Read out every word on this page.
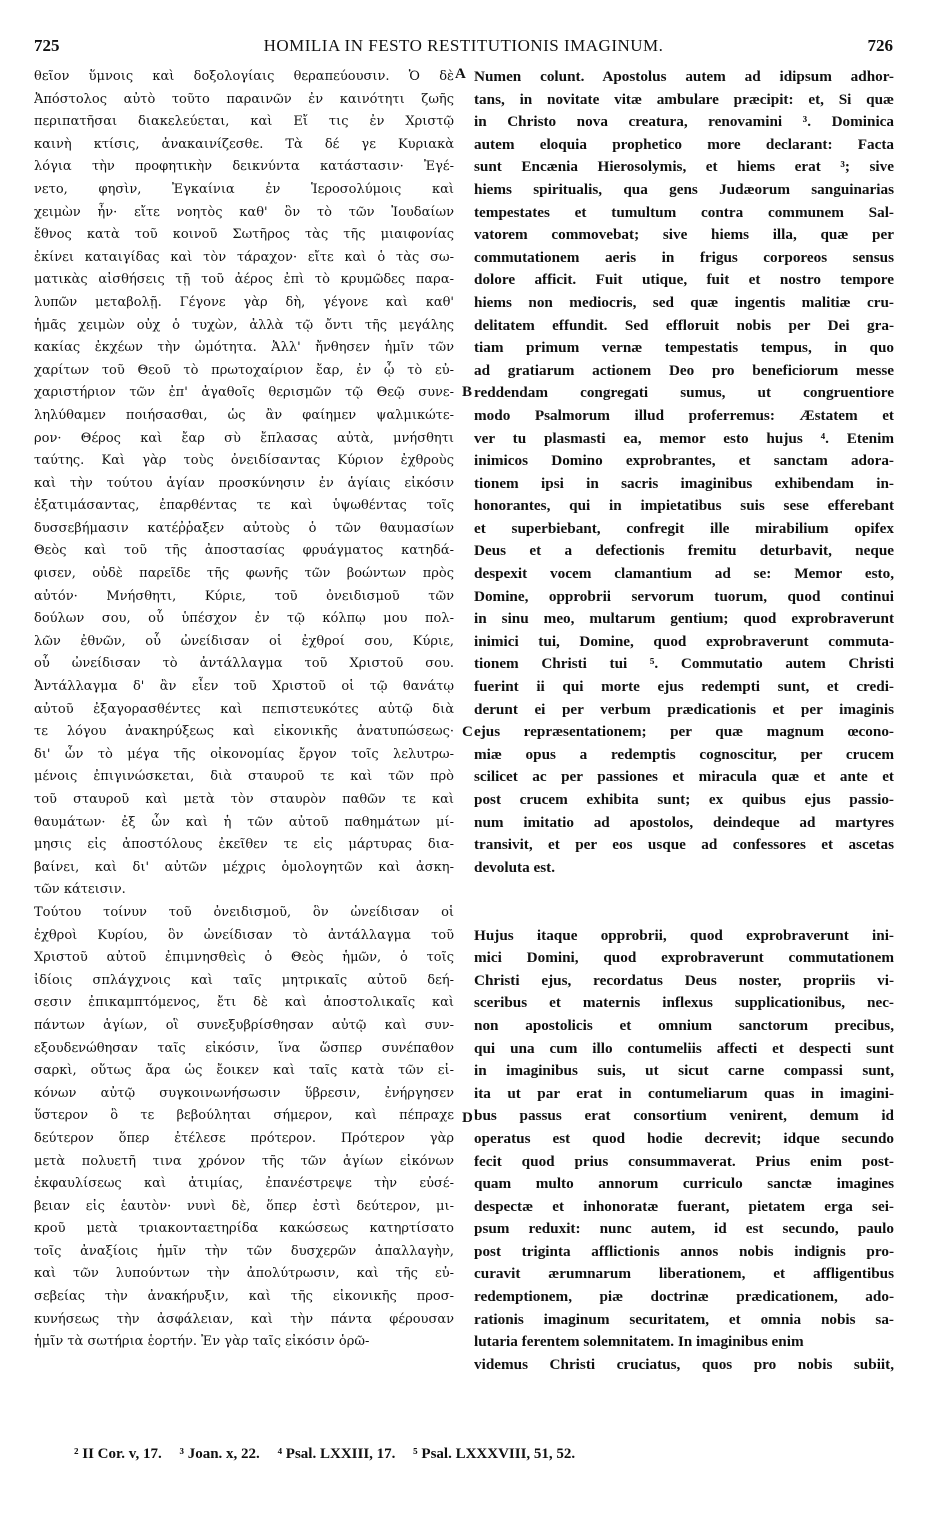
725	HOMILIA IN FESTO RESTITUTIONIS IMAGINUM.	726
θεῖον ὕμνοις καὶ δοξολογίαις θεραπεύουσιν. Ὁ δὲ
Ἀπόστολος αὐτὸ τοῦτο παραινῶν ἐν καινότητι ζωῆς
περιπατῆσαι διακελεύεται, καὶ Εἴ τις ἐν Χριστῷ
καινὴ κτίσις, ἀνακαινίζεσθε. Τὰ δέ γε Κυριακὰ
λόγια τὴν προφητικὴν δεικνύντα κατάστασιν· Ἐγέ-
νετο, φησὶν, Ἐγκαίνια ἐν Ἱεροσολύμοις καὶ
χειμὼν ἦν· εἴτε νοητὸς καθ' ὃν τὸ τῶν Ἰουδαίων
ἔθνος κατὰ τοῦ κοινοῦ Σωτῆρος τὰς τῆς μιαιφονίας
ἐκίνει καταιγίδας καὶ τὸν τάραχον· εἴτε καὶ ὁ τὰς σω-
ματικὰς αἰσθήσεις τῇ τοῦ ἀέρος ἐπὶ τὸ κρυμῶδες παρα-
λυπῶν μεταβολῇ. Γέγονε γὰρ δὴ, γέγονε καὶ καθ'
ἡμᾶς χειμὼν οὐχ ὁ τυχὼν, ἀλλὰ τῷ ὄντι τῆς μεγάλης
κακίας ἐκχέων τὴν ὠμότητα. Ἀλλ' ἤνθησεν ἡμῖν τῶν
χαρίτων τοῦ Θεοῦ τὸ πρωτοχαίριον ἔαρ, ἐν ᾧ τὸ εὐ-
χαριστήριον τῶν ἐπ' ἀγαθοῖς θερισμῶν τῷ Θεῷ συνε-
ληλύθαμεν ποιήσασθαι, ὡς ἂν φαίημεν ψαλμικώτε-
ρον· Θέρος καὶ ἔαρ σὺ ἔπλασας αὐτὰ, μνήσθητι
ταύτης. Καὶ γὰρ τοὺς ὀνειδίσαντας Κύριον ἐχθροὺς
καὶ τὴν τούτου ἁγίαν προσκύνησιν ἐν ἁγίαις εἰκόσιν
ἐξατιμάσαντας, ἐπαρθέντας τε καὶ ὑψωθέντας τοῖς
δυσσεβήμασιν κατέῤῥαξεν αὐτοὺς ὁ τῶν θαυμασίων
Θεὸς καὶ τοῦ τῆς ἀποστασίας φρυάγματος κατηδά-
φισεν, οὐδὲ παρεῖδε τῆς φωνῆς τῶν βοώντων πρὸς
αὐτόν· Μνήσθητι, Κύριε, τοῦ ὀνειδισμοῦ τῶν
δούλων σου, οὗ ὑπέσχον ἐν τῷ κόλπῳ μου πολ-
λῶν ἐθνῶν, οὗ ὠνείδισαν οἱ ἐχθροί σου, Κύριε,
οὗ ὠνείδισαν τὸ ἀντάλλαγμα τοῦ Χριστοῦ σου.
Ἀντάλλαγμα δ' ἂν εἶεν τοῦ Χριστοῦ οἱ τῷ θανάτῳ
αὐτοῦ ἐξαγορασθέντες καὶ πεπιστευκότες αὐτῷ διὰ
τε λόγου ἀνακηρύξεως καὶ εἰκονικῆς ἀνατυπώσεως·
δι' ὧν τὸ μέγα τῆς οἰκονομίας ἔργον τοῖς λελυτρω-
μένοις ἐπιγινώσκεται, διὰ σταυροῦ τε καὶ τῶν πρὸ
τοῦ σταυροῦ καὶ μετὰ τὸν σταυρὸν παθῶν τε καὶ
θαυμάτων· ἐξ ὧν καὶ ἡ τῶν αὐτοῦ παθημάτων μί-
μησις εἰς ἀποστόλους ἐκεῖθεν τε εἰς μάρτυρας δια-
βαίνει, καὶ δι' αὐτῶν μέχρις ὁμολογητῶν καὶ ἀσκη-
τῶν κάτεισιν.
Τούτου τοίνυν τοῦ ὀνειδισμοῦ, ὃν ὠνείδισαν οἱ
ἐχθροὶ Κυρίου, ὃν ὠνείδισαν τὸ ἀντάλλαγμα τοῦ
Χριστοῦ αὐτοῦ ἐπιμνησθεὶς ὁ Θεὸς ἡμῶν, ὁ τοῖς
ἰδίοις σπλάγχνοις καὶ ταῖς μητρικαῖς αὐτοῦ δεή-
σεσιν ἐπικαμπτόμενος, ἔτι δὲ καὶ ἀποστολικαῖς καὶ
πάντων ἁγίων, οἳ συνεξυβρίσθησαν αὐτῷ καὶ συν-
εξουδενώθησαν ταῖς εἰκόσιν, ἵνα ὥσπερ συνέπαθον
σαρκὶ, οὕτως ἄρα ὡς ἔοικεν καὶ ταῖς κατὰ τῶν εἰ-
κόνων αὐτῷ συγκοινωνήσωσιν ὕβρεσιν, ἐνήργησεν
ὕστερον ὃ τε βεβούληται σήμερον, καὶ πέπραχε
δεύτερον ὅπερ ἐτέλεσε πρότερον. Πρότερον γὰρ
μετὰ πολυετῆ τινα χρόνον τῆς τῶν ἁγίων εἰκόνων
ἐκφαυλίσεως καὶ ἀτιμίας, ἐπανέστρεψε τὴν εὐσέ-
βειαν εἰς ἑαυτὸν· νυνὶ δὲ, ὅπερ ἐστὶ δεύτερον, μι-
κροῦ μετὰ τριακονταετηρίδα κακώσεως κατηρτίσατο
τοῖς ἀναξίοις ἡμῖν τὴν τῶν δυσχερῶν ἀπαλλαγὴν,
καὶ τῶν λυπούντων τὴν ἀπολύτρωσιν, καὶ τῆς εὐ-
σεβείας τὴν ἀνακήρυξιν, καὶ τῆς εἰκονικῆς προσ-
κυνήσεως τὴν ἀσφάλειαν, καὶ τὴν πάντα φέρουσαν
ἡμῖν τὰ σωτήρια ἑορτήν. Ἐν γὰρ ταῖς εἰκόσιν ὁρῶ-
Numen colunt. Apostolus autem ad idipsum adhor-
tans, in novitate vitæ ambulare præcipit: et, Si quæ
in Christo nova creatura, renovamini ³. Dominica
autem eloquia prophetico more declarant: Facta
sunt Encænia Hierosolymis, et hiems erat ³; sive
hiems spiritualis, qua gens Judæorum sanguinarias
tempestates et tumultum contra communem Sal-
vatorem commovebat; sive hiems illa, quæ per
commutationem aeris in frigus corporeos sensus
dolore afficit. Fuit utique, fuit et nostro tempore
hiems non mediocris, sed quæ ingentis malitiæ cru-
delitatem effundit. Sed effloruit nobis per Dei gra-
tiam primum vernæ tempestatis tempus, in quo
ad gratiarum actionem Deo pro beneficiorum messe
reddendam congregati sumus, ut congruentiore
modo Psalmorum illud proferremus: Æstatem et
ver tu plasmasti ea, memor esto hujus ⁴. Etenim
inimicos Domino exprobrantes, et sanctam adora-
tionem ipsi in sacris imaginibus exhibendam in-
honorantes, qui in impietatibus suis sese efferebant
et superbiebant, confregit ille mirabilium opifex
Deus et a defectionis fremitu deturbavit, neque
despexit vocem clamantium ad se: Memor esto,
Domine, opprobrii servorum tuorum, quod continui
in sinu meo, multarum gentium; quod exprobraverunt
inimici tui, Domine, quod exprobraverunt commuta-
tionem Christi tui ⁵. Commutatio autem Christi
fuerint ii qui morte ejus redempti sunt, et credi-
derunt ei per verbum prædicationis et per imaginis
ejus repræsentationem; per quæ magnum œcono-
miæ opus a redemptis cognoscitur, per crucem
scilicet ac per passiones et miracula quæ et ante et
post crucem exhibita sunt; ex quibus ejus passio-
num imitatio ad apostolos, deindeque ad martyres
transivit, et per eos usque ad confessores et ascetas
devoluta est.
Hujus itaque opprobrii, quod exprobraverunt ini-
mici Domini, quod exprobraverunt commutationem
Christi ejus, recordatus Deus noster, propriis vi-
sceribus et maternis inflexus supplicationibus, nec-
non apostolicis et omnium sanctorum precibus,
qui una cum illo contumeliis affecti et despecti sunt
in imaginibus suis, ut sicut carne compassi sunt,
ita ut par erat in contumeliarum quas in imagini-
bus passus erat consortium venirent, demum id
operatus est quod hodie decrevit; idque secundo
fecit quod prius consummaverat. Prius enim post-
quam multo annorum curriculo sanctæ imagines
despectæ et inhonoratæ fuerant, pietatem erga sei-
psum reduxit: nunc autem, id est secundo, paulo
post triginta afflictionis annos nobis indignis pro-
curavit ærumnarum liberationem, et affligentibus
redemptionem, piæ doctrinæ prædicationem, ado-
rationis imaginum securitatem, et omnia nobis sa-
lutaria ferentem solemnitatem. In imaginibus enim
videmus Christi cruciatus, quos pro nobis subiit,
A
B
C
D
² II Cor. v, 17. ³ Joan. x, 22. ⁴ Psal. LXXIII, 17. ⁵ Psal. LXXXVIII, 51, 52.
